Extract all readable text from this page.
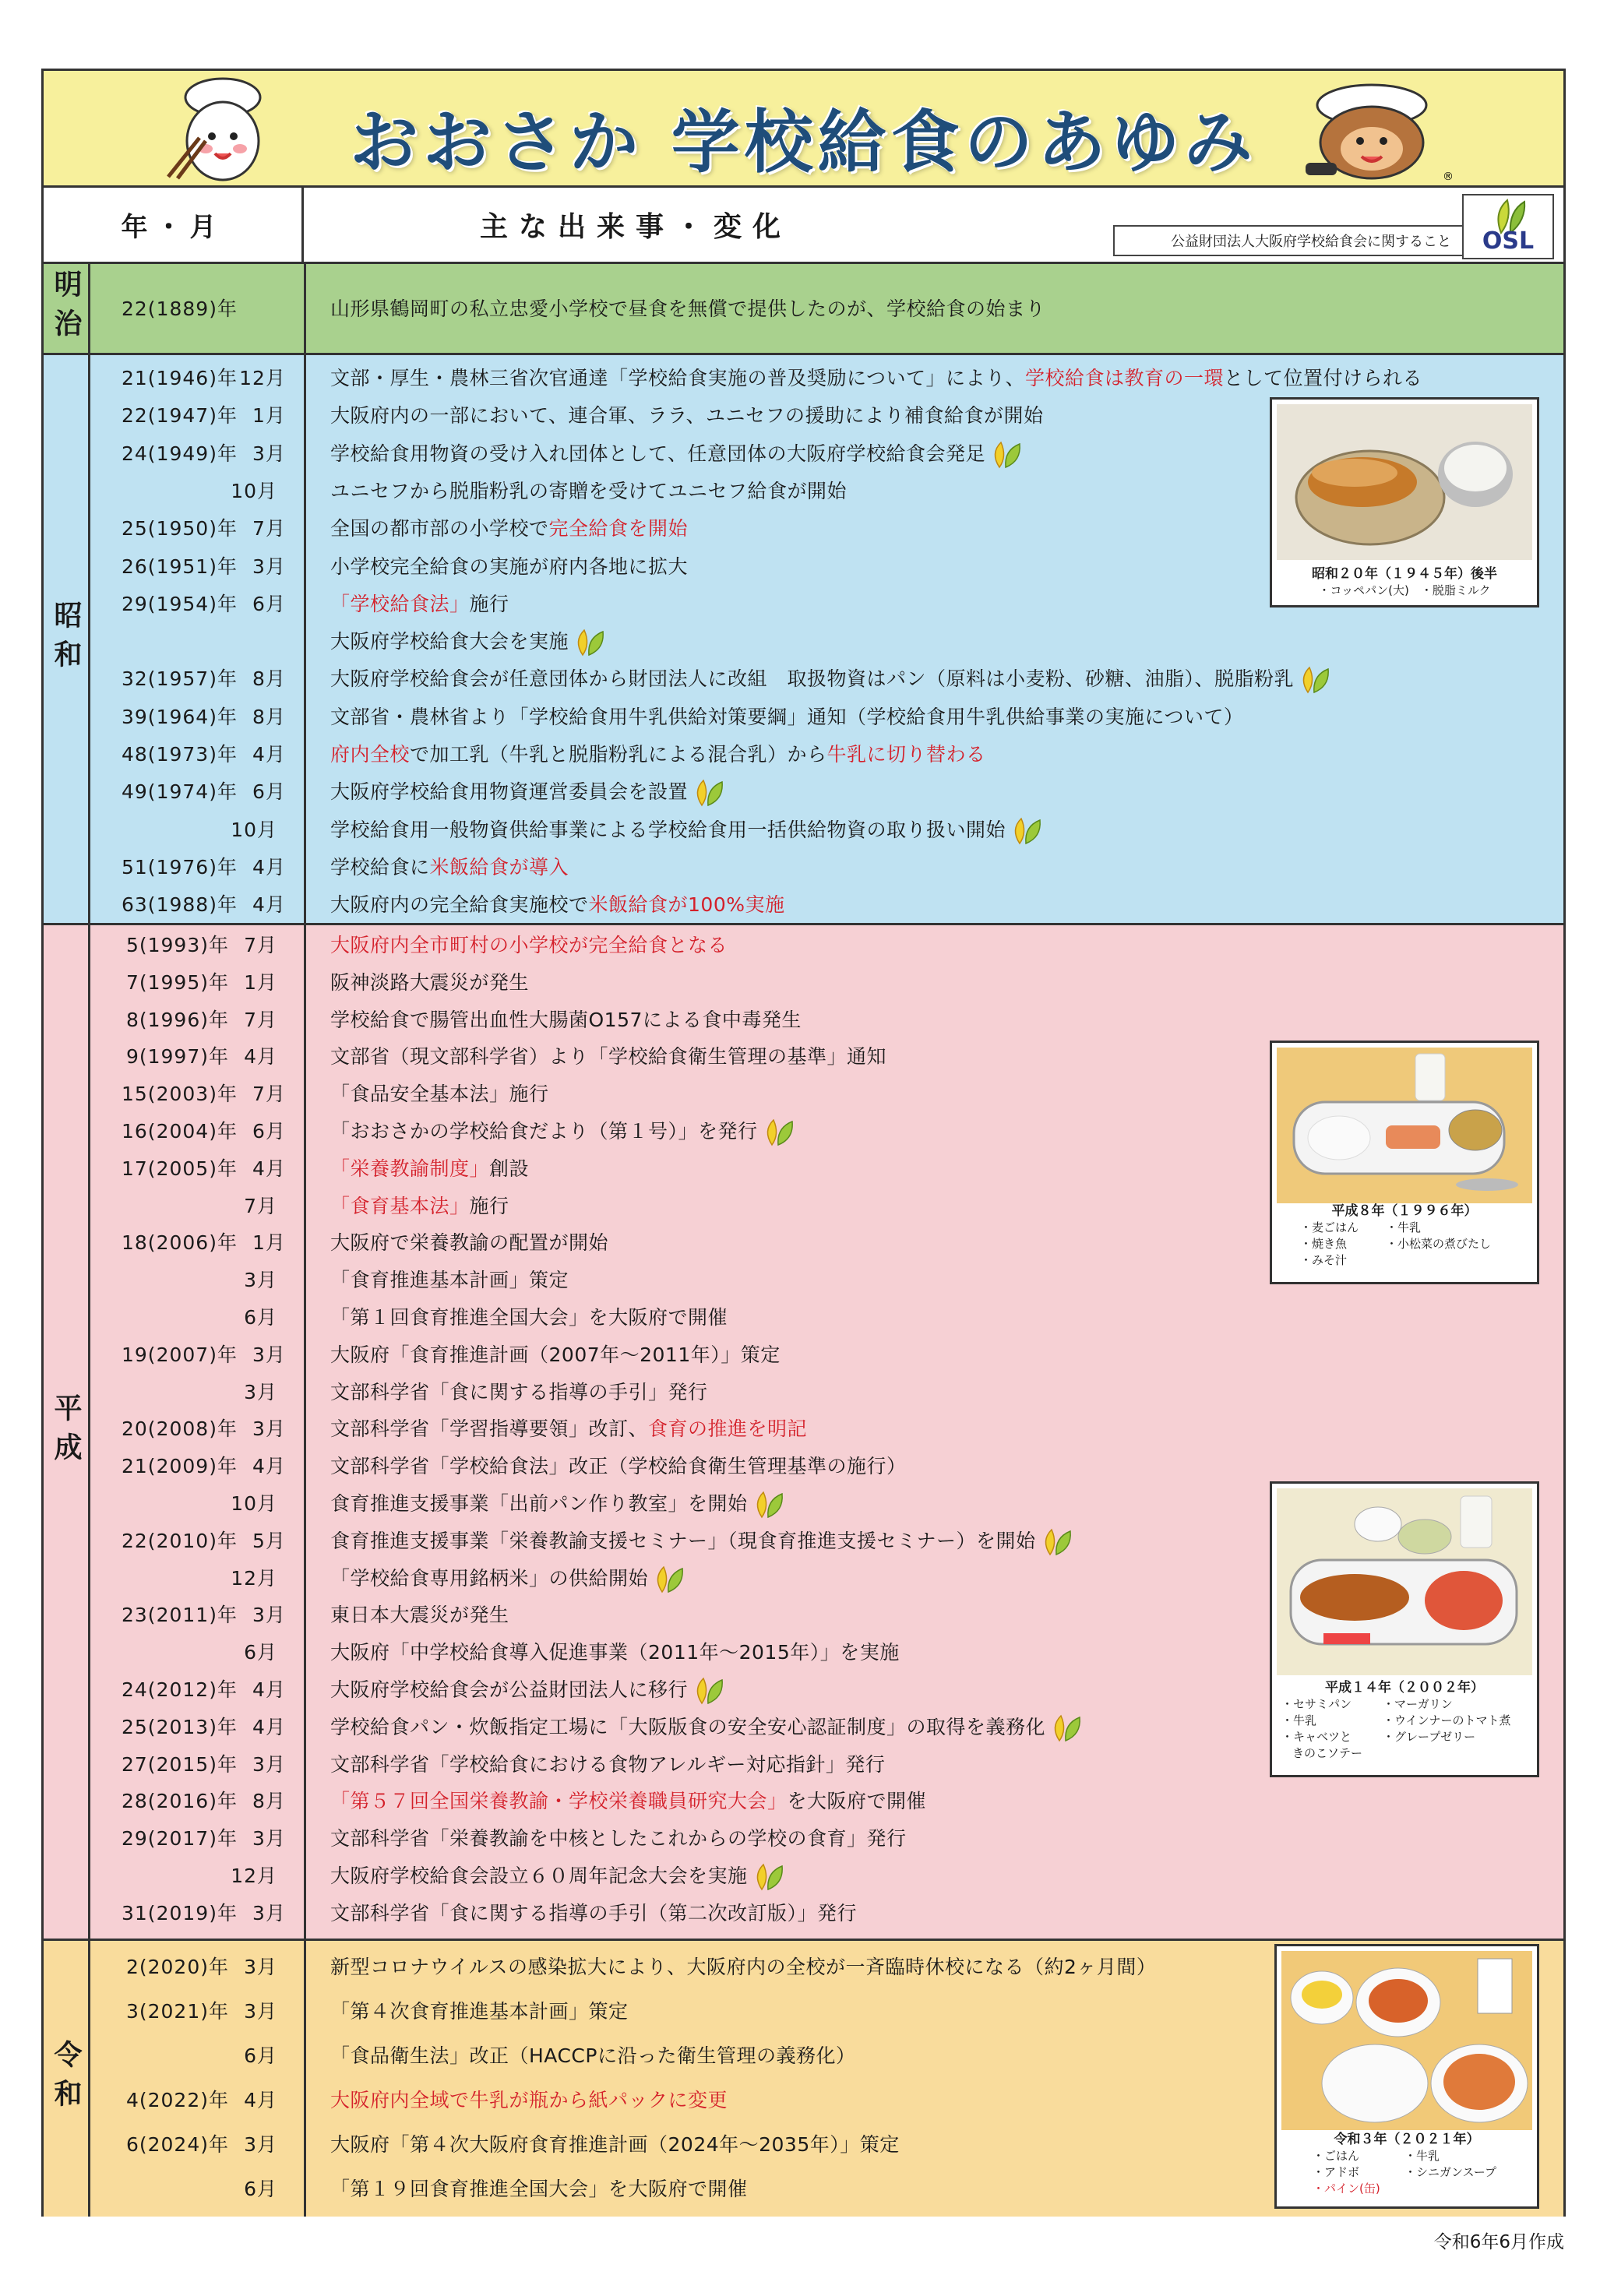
おおさか 学校給食のあゆみ	®
年・月	主な出来事・変化	公益財団法人大阪府学校給食会に関すること	OSL
明治 22(1889)年	山形県鶴岡町の私立忠愛小学校で昼食を無償で提供したのが、学校給食の始まり
昭和
21(1946)年12月 文部・厚生・農林三省次官通達「学校給食実施の普及奨励について」により、学校給食は教育の一環として位置付けられる
22(1947)年 1月 大阪府内の一部において、連合軍、ララ、ユニセフの援助により補食給食が開始
24(1949)年 3月 学校給食用物資の受け入れ団体として、任意団体の大阪府学校給食会発足
10月	ユニセフから脱脂粉乳の寄贈を受けてユニセフ給食が開始
25(1950)年 7月 全国の都市部の小学校で完全給食を開始
26(1951)年 3月 小学校完全給食の実施が府内各地に拡大
29(1954)年 6月 「学校給食法」施行
大阪府学校給食大会を実施
32(1957)年 8月 大阪府学校給食会が任意団体から財団法人に改組　取扱物資はパン（原料は小麦粉、砂糖、油脂）、脱脂粉乳
39(1964)年 8月 文部省・農林省より「学校給食用牛乳供給対策要綱」通知（学校給食用牛乳供給事業の実施について）
48(1973)年 4月 府内全校で加工乳（牛乳と脱脂粉乳による混合乳）から牛乳に切り替わる
49(1974)年 6月 大阪府学校給食用物資運営委員会を設置
10月	学校給食用一般物資供給事業による学校給食用一括供給物資の取り扱い開始
51(1976)年 4月 学校給食に米飯給食が導入
63(1988)年 4月 大阪府内の完全給食実施校で米飯給食が100%実施
平成
5(1993)年 7月	大阪府内全市町村の小学校が完全給食となる
7(1995)年 1月	阪神淡路大震災が発生
8(1996)年 7月	学校給食で腸管出血性大腸菌O157による食中毒発生
9(1997)年 4月	文部省（現文部科学省）より「学校給食衛生管理の基準」通知
15(2003)年 7月 「食品安全基本法」施行
16(2004)年 6月 「おおさかの学校給食だより（第１号）」を発行
17(2005)年 4月 「栄養教諭制度」創設
7月	「食育基本法」施行
18(2006)年 1月 大阪府で栄養教諭の配置が開始
3月	「食育推進基本計画」策定
6月	「第１回食育推進全国大会」を大阪府で開催
19(2007)年 3月 大阪府「食育推進計画（2007年～2011年）」策定
3月	文部科学省「食に関する指導の手引」発行
20(2008)年 3月 文部科学省「学習指導要領」改訂、食育の推進を明記
21(2009)年 4月 文部科学省「学校給食法」改正（学校給食衛生管理基準の施行）
10月	食育推進支援事業「出前パン作り教室」を開始
22(2010)年 5月 食育推進支援事業「栄養教諭支援セミナー」（現食育推進支援セミナー）を開始
12月	「学校給食専用銘柄米」の供給開始
23(2011)年 3月 東日本大震災が発生
6月	大阪府「中学校給食導入促進事業（2011年～2015年）」を実施
24(2012)年 4月 大阪府学校給食会が公益財団法人に移行
25(2013)年 4月 学校給食パン・炊飯指定工場に「大阪版食の安全安心認証制度」の取得を義務化
27(2015)年 3月 文部科学省「学校給食における食物アレルギー対応指針」発行
28(2016)年 8月 「第５７回全国栄養教諭・学校栄養職員研究大会」を大阪府で開催
29(2017)年 3月 文部科学省「栄養教諭を中核としたこれからの学校の食育」発行
12月	大阪府学校給食会設立６０周年記念大会を実施
31(2019)年 3月 文部科学省「食に関する指導の手引（第二次改訂版）」発行
令和
2(2020)年 3月	新型コロナウイルスの感染拡大により、大阪府内の全校が一斉臨時休校になる（約2ヶ月間）
3(2021)年 3月	「第４次食育推進基本計画」策定
6月	「食品衛生法」改正（HACCPに沿った衛生管理の義務化）
4(2022)年 4月	大阪府内全域で牛乳が瓶から紙パックに変更
6(2024)年 3月	大阪府「第４次大阪府食育推進計画（2024年～2035年）」策定
6月	「第１９回食育推進全国大会」を大阪府で開催
昭和２０年（１９４５年）後半
・コッペパン(大)　 ・脱脂ミルク
平成８年（１９９６年）
・麦ごはん ・牛乳
・焼き魚	・小松菜の煮びたし
・みそ汁
平成１４年（２００２年）
・セサミパン	・マーガリン
・牛乳	・ウインナーのトマト煮
・キャベツと	・グレープゼリー
きのこソテー
令和３年（２０２１年）
・ごはん	・牛乳
・アドボ	・シニガンスープ
・パイン(缶)
令和6年6月作成
